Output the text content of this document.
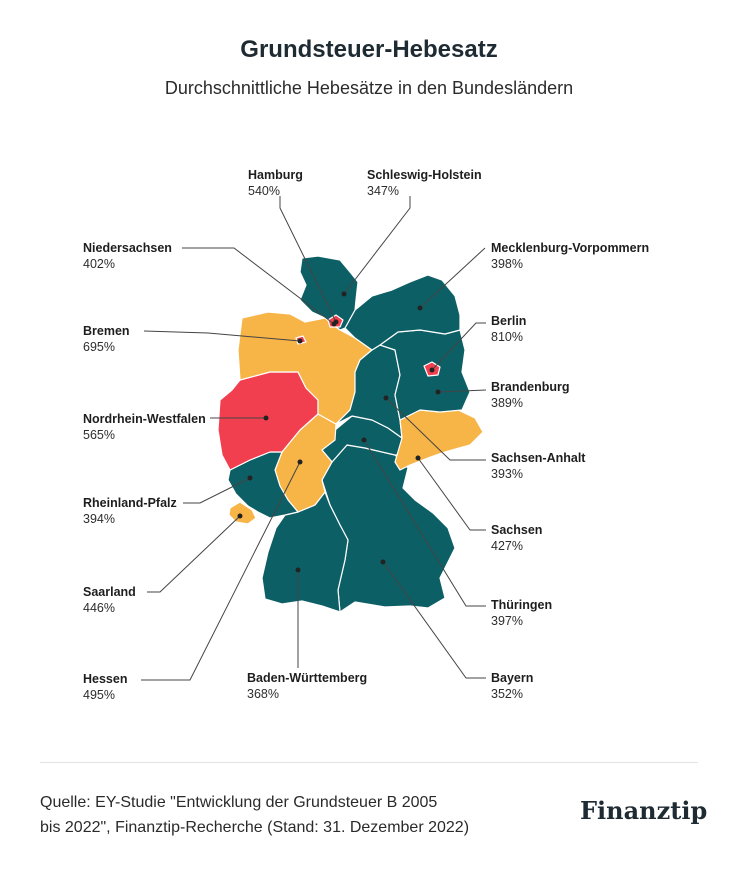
Grundsteuer-Hebesatz

Durchschnittliche Hebesätze in den Bundesländern

Hamburg
540%
Schleswig-Holstein
347%
Niedersachsen
402%
Mecklenburg-Vorpommern
398%
Bremen
695%
Berlin
810%
Brandenburg
389%
Nordrhein-Westfalen
565%
Sachsen-Anhalt
393%
Rheinland-Pfalz
394%
Sachsen
427%
Saarland
446%	Thüringen
397%
Hessen
495%
Baden-Württemberg
368%
Bayern
352%
Quelle: EY-Studie "Entwicklung der Grundsteuer B 2005
bis 2022", Finanztip-Recherche (Stand: 31. Dezember 2022)
Finanztip
